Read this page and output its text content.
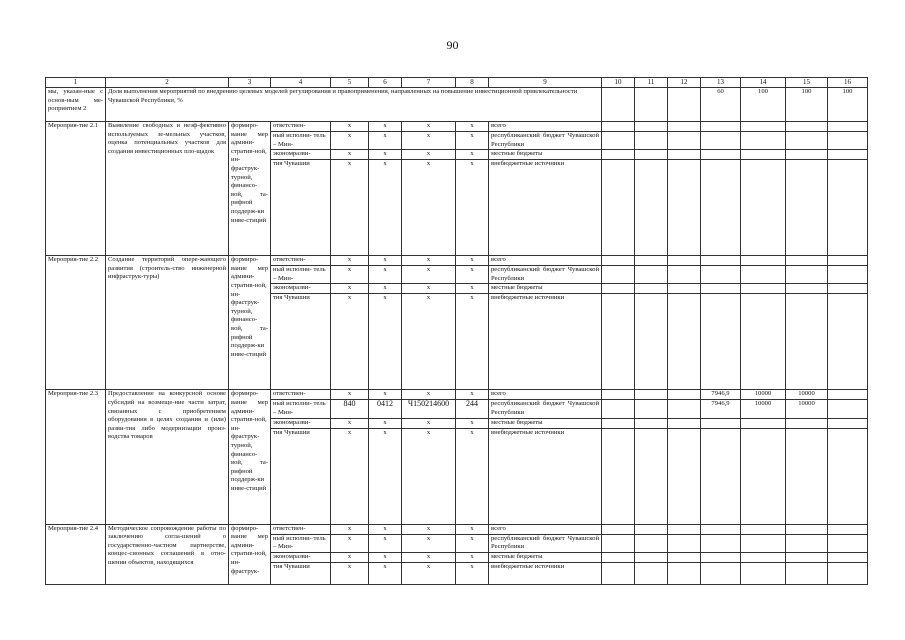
90
1	2	3	4	5	6	7	8	9	10	11	12	13	14	15	16
мы, указан-ные с основ-ным ме-роприятием 2	Доля выполнения мероприятий по внедрению целевых моделей регулирования и правоприменения, направленных на повышение инвестиционной привлекательности Чувашской Республики, %											60	100	100	100
Мероприя-тие 2.1	Выявление свободных и неэф-фективно используемых зе-мельных участков, оценка потенциальных участков для создания инвестиционных пло-щадок	формиро-вание мер админи-стратив-ной, ин-фраструк-турной, финансо-вой, та-рифной поддерж-ки инве-стиций	ответствен-	x	x	x	x	всего							
			ный исполни- тель – Мин-	x	x	x	x	республиканский бюджет Чувашской Республики							
			экономразви-	x	x	x	x	местные бюджеты							
			тия Чувашии	x	x	x	x	внебюджетные источники							
Мероприя-тие 2.2	Создание территорий опере-жающего развития (строитель-ство инженерной инфраструк-туры)	формиро-вание мер админи-стратив-ной, ин-фраструк-турной, финансо-вой, та-рифной поддерж-ки инве-стиций	ответствен-	x	x	x	x	всего							
			ный исполни- тель – Мин-	x	x	x	x	республиканский бюджет Чувашской Республики							
			экономразви-	x	x	x	x	местные бюджеты							
			тия Чувашии	x	x	x	x	внебюджетные источники							
Мероприя-тие 2.3	Предоставление на конкурсной основе субсидий на возмеще-ние части затрат, связанных с приобретением оборудования в целях создания и (или) разви-тия либо модернизации произ-водства товаров	формиро-вание мер админи-стратив-ной, ин-фраструк-турной, финансо-вой, та-рифной поддерж-ки инве-стиций	ответствен-	x	x	x	x	всего				7946,9	10000	10000	
			ный исполни- тель – Мин-	840	0412	Ч150214600	244	республиканский бюджет Чувашской Республики				7946,9	10000	10000	
			экономразви-	x	x	x	x	местные бюджеты							
			тия Чувашии	x	x	x	x	внебюджетные источники							
Мероприя-тие 2.4	Методическое сопровождение работы по заключению согла-шений о государственно-частном партнерстве, концес-сионных соглашений в отно-шении объектов, находящихся	формиро-вание мер админи-стратив-ной, ин-фраструк-	ответствен-	x	x	x	x	всего							
			ный исполни- тель – Мин-	x	x	x	x	республиканский бюджет Чувашской Республики							
			экономразви-	x	x	x	x	местные бюджеты							
			тия Чувашии	x	x	x	x	внебюджетные источники							
